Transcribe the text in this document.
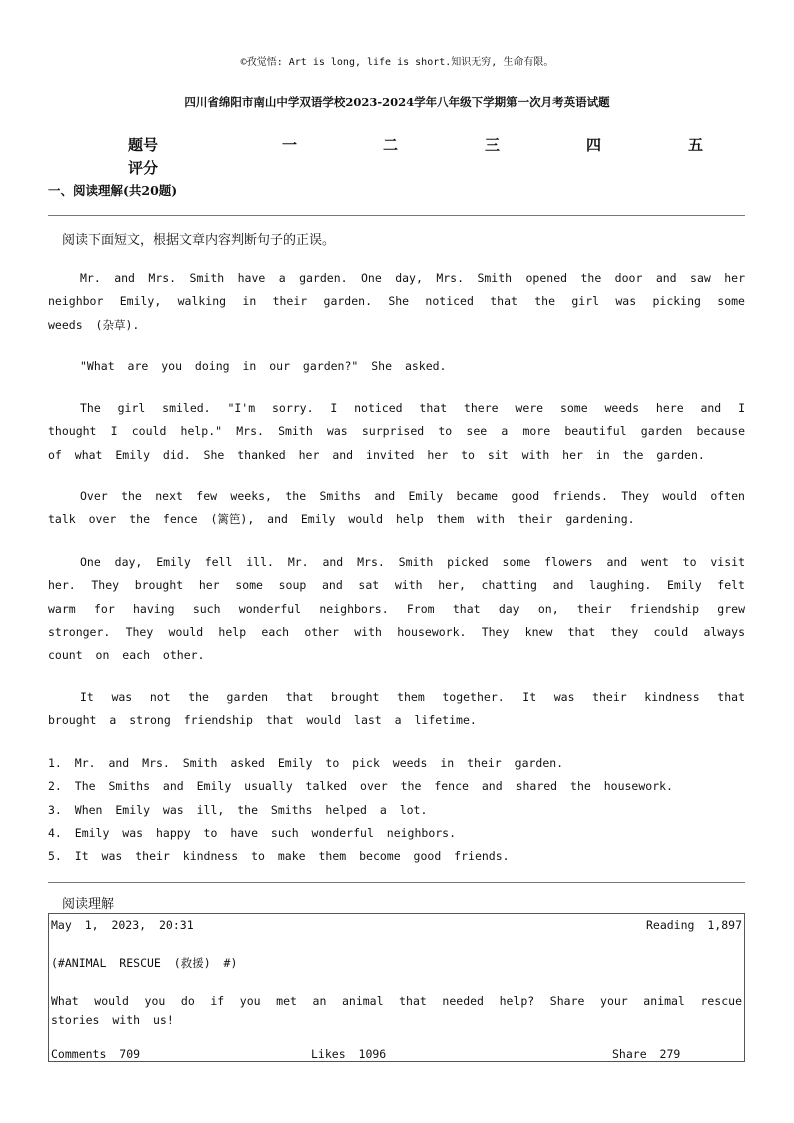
©孜觉悟: Art is long, life is short.知识无穷, 生命有限。
四川省绵阳市南山中学双语学校2023-2024学年八年级下学期第一次月考英语试题
题号	一	二	三	四	五
评分
一、阅读理解(共20题)
阅读下面短文，根据文章内容判断句子的正误。

Mr. and Mrs. Smith have a garden. One day, Mrs. Smith opened the door and saw her neighbor Emily, walking in their garden. She noticed that the girl was picking some weeds (杂草).

"What are you doing in our garden?" She asked.

The girl smiled. "I'm sorry. I noticed that there were some weeds here and I thought I could help." Mrs. Smith was surprised to see a more beautiful garden because of what Emily did. She thanked her and invited her to sit with her in the garden.

Over the next few weeks, the Smiths and Emily became good friends. They would often talk over the fence (篱笆), and Emily would help them with their gardening.

One day, Emily fell ill. Mr. and Mrs. Smith picked some flowers and went to visit her. They brought her some soup and sat with her, chatting and laughing. Emily felt warm for having such wonderful neighbors. From that day on, their friendship grew stronger. They would help each other with housework. They knew that they could always count on each other.

It was not the garden that brought them together. It was their kindness that brought a strong friendship that would last a lifetime.

1. Mr. and Mrs. Smith asked Emily to pick weeds in their garden.
2. The Smiths and Emily usually talked over the fence and shared the housework.
3. When Emily was ill, the Smiths helped a lot.
4. Emily was happy to have such wonderful neighbors.
5. It was their kindness to make them become good friends.
阅读理解
May 1, 2023, 20:31	Reading 1,897
(#ANIMAL RESCUE (救援) #)
What would you do if you met an animal that needed help? Share your animal rescue stories with us!
Comments 709	Likes 1096	Share 279
